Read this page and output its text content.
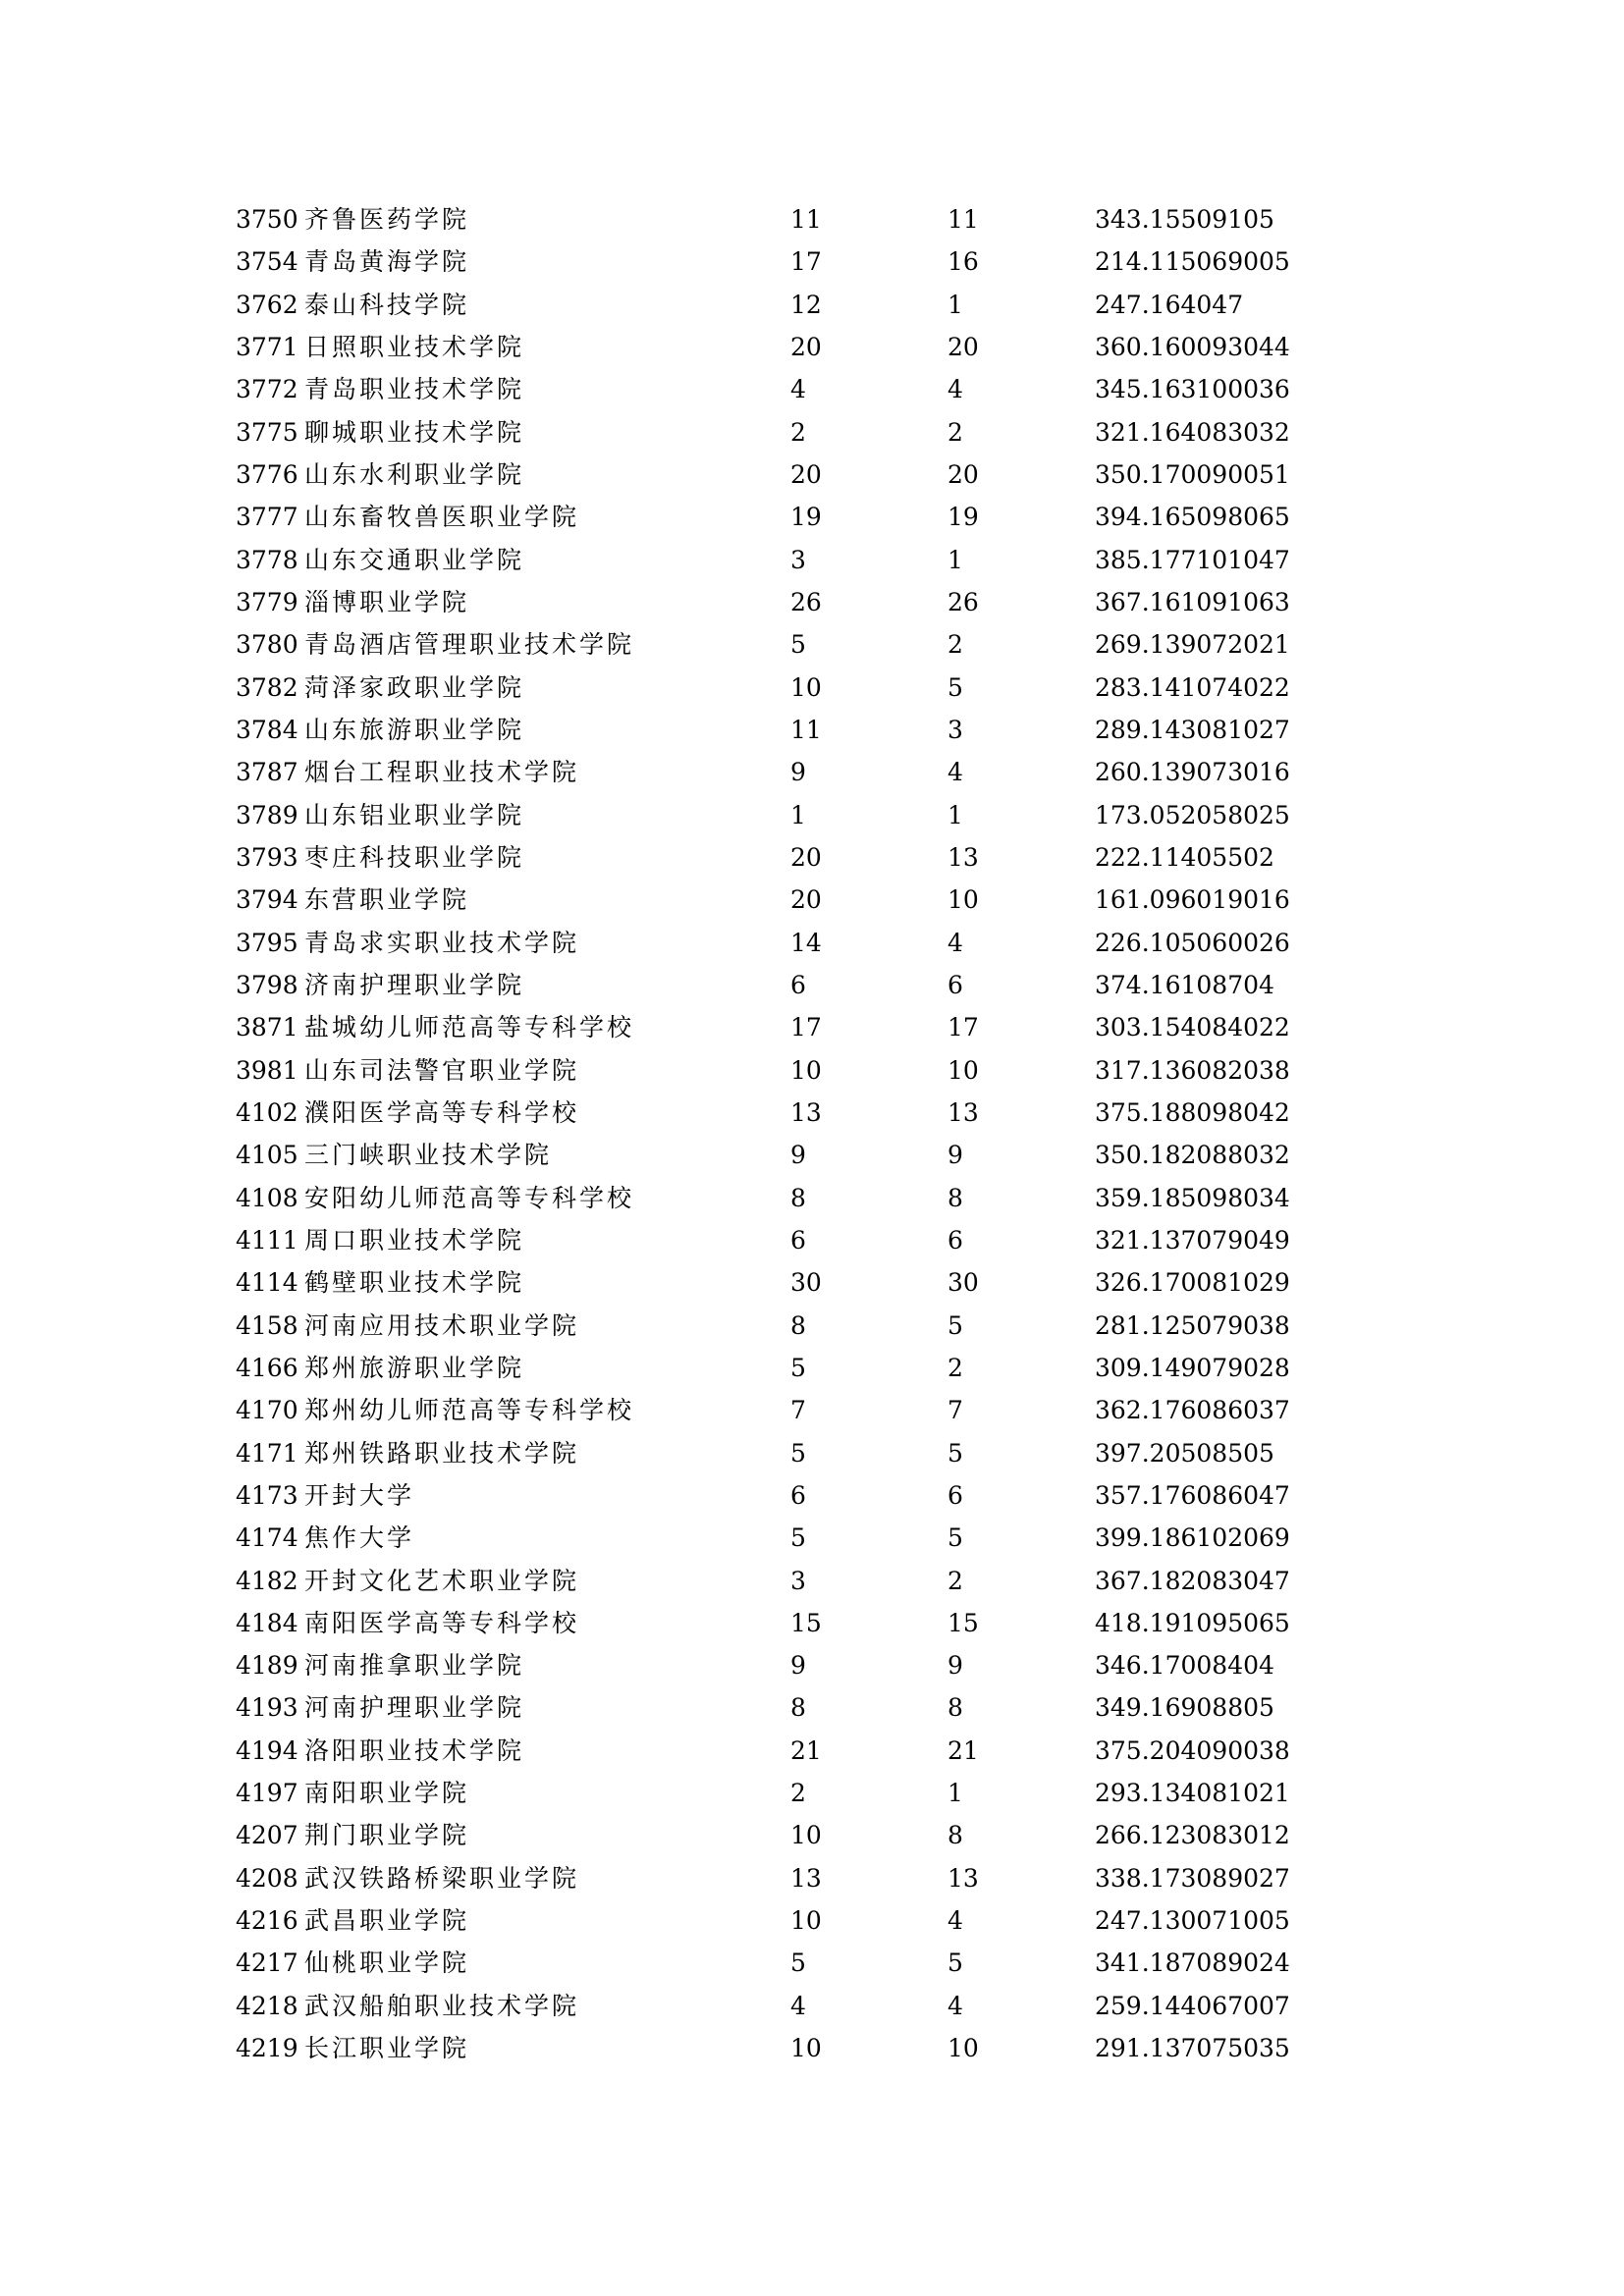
3750 齐鲁医药学院	11	11	343.15509105
3754 青岛黄海学院	17	16	214.115069005
3762 泰山科技学院	12	1	247.164047
3771 日照职业技术学院	20	20	360.160093044
3772 青岛职业技术学院	4	4	345.163100036
3775 聊城职业技术学院	2	2	321.164083032
3776 山东水利职业学院	20	20	350.170090051
3777 山东畜牧兽医职业学院	19	19	394.165098065
3778 山东交通职业学院	3	1	385.177101047
3779 淄博职业学院	26	26	367.161091063
3780 青岛酒店管理职业技术学院	5	2	269.139072021
3782 菏泽家政职业学院	10	5	283.141074022
3784 山东旅游职业学院	11	3	289.143081027
3787 烟台工程职业技术学院	9	4	260.139073016
3789 山东铝业职业学院	1	1	173.052058025
3793 枣庄科技职业学院	20	13	222.11405502
3794 东营职业学院	20	10	161.096019016
3795 青岛求实职业技术学院	14	4	226.105060026
3798 济南护理职业学院	6	6	374.16108704
3871 盐城幼儿师范高等专科学校	17	17	303.154084022
3981 山东司法警官职业学院	10	10	317.136082038
4102 濮阳医学高等专科学校	13	13	375.188098042
4105 三门峡职业技术学院	9	9	350.182088032
4108 安阳幼儿师范高等专科学校	8	8	359.185098034
4111 周口职业技术学院	6	6	321.137079049
4114 鹤壁职业技术学院	30	30	326.170081029
4158 河南应用技术职业学院	8	5	281.125079038
4166 郑州旅游职业学院	5	2	309.149079028
4170 郑州幼儿师范高等专科学校	7	7	362.176086037
4171 郑州铁路职业技术学院	5	5	397.20508505
4173 开封大学	6	6	357.176086047
4174 焦作大学	5	5	399.186102069
4182 开封文化艺术职业学院	3	2	367.182083047
4184 南阳医学高等专科学校	15	15	418.191095065
4189 河南推拿职业学院	9	9	346.17008404
4193 河南护理职业学院	8	8	349.16908805
4194 洛阳职业技术学院	21	21	375.204090038
4197 南阳职业学院	2	1	293.134081021
4207 荆门职业学院	10	8	266.123083012
4208 武汉铁路桥梁职业学院	13	13	338.173089027
4216 武昌职业学院	10	4	247.130071005
4217 仙桃职业学院	5	5	341.187089024
4218 武汉船舶职业技术学院	4	4	259.144067007
4219 长江职业学院	10	10	291.137075035
